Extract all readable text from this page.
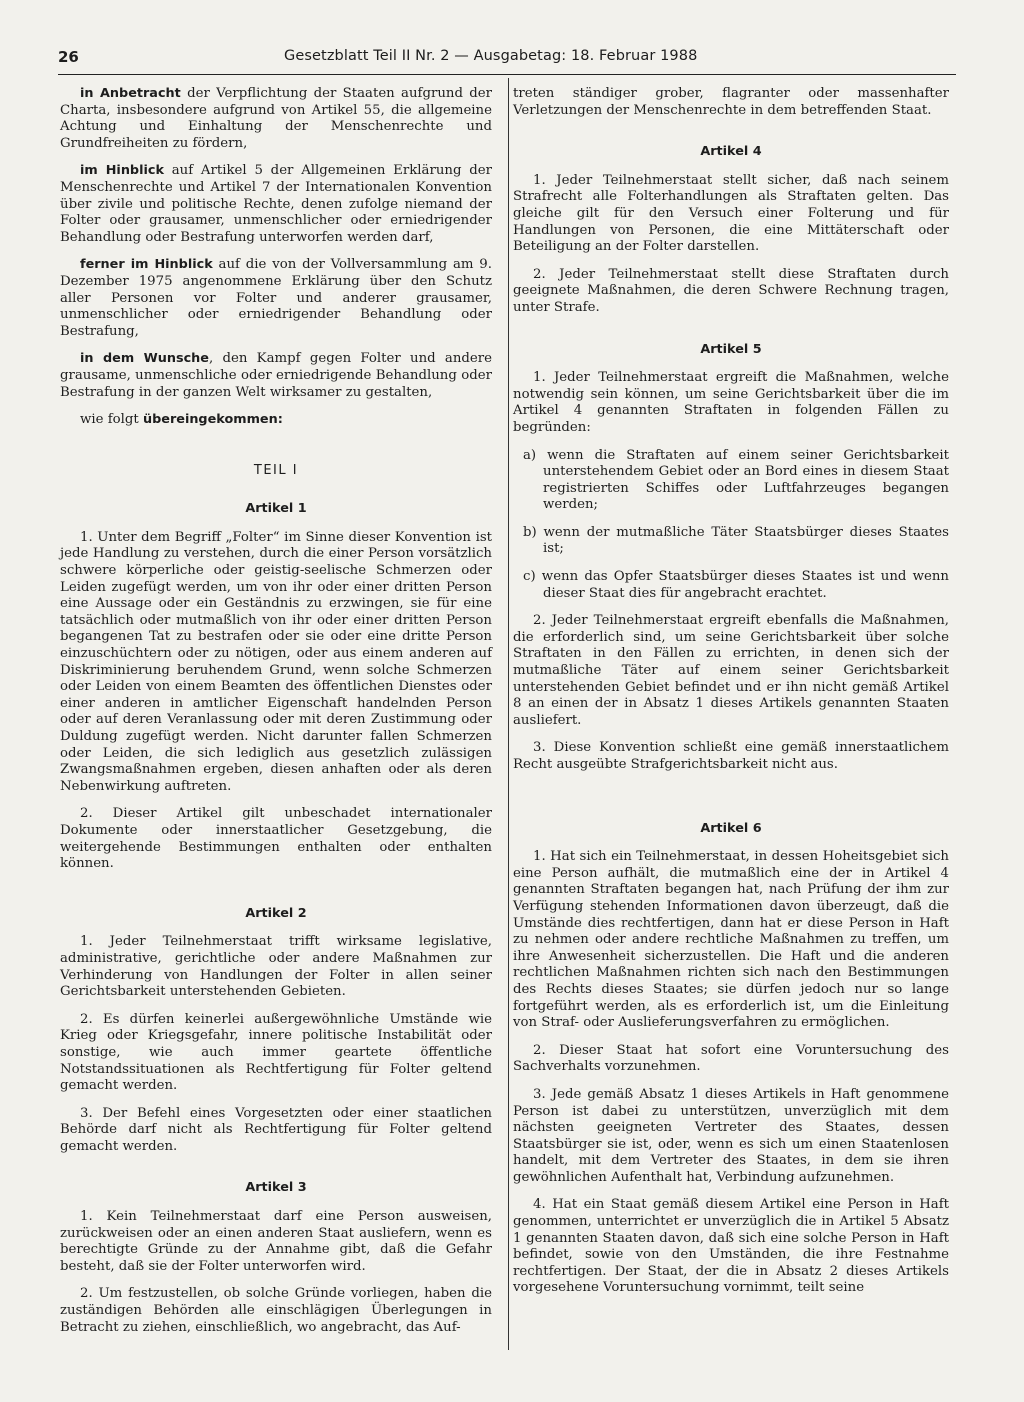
26	Gesetzblatt Teil II Nr. 2 — Ausgabetag: 18. Februar 1988

in Anbetracht der Verpflichtung der Staaten aufgrund der Charta, insbesondere aufgrund von Artikel 55, die allgemeine Achtung und Einhaltung der Menschenrechte und Grundfreiheiten zu fördern,

im Hinblick auf Artikel 5 der Allgemeinen Erklärung der Menschenrechte und Artikel 7 der Internationalen Konvention über zivile und politische Rechte, denen zufolge niemand der Folter oder grausamer, unmenschlicher oder erniedrigender Behandlung oder Bestrafung unterworfen werden darf,

ferner im Hinblick auf die von der Vollversammlung am 9. Dezember 1975 angenommene Erklärung über den Schutz aller Personen vor Folter und anderer grausamer, unmenschlicher oder erniedrigender Behandlung oder Bestrafung,

in dem Wunsche, den Kampf gegen Folter und andere grausame, unmenschliche oder erniedrigende Behandlung oder Bestrafung in der ganzen Welt wirksamer zu gestalten,

wie folgt übereingekommen:

TEIL I
Artikel 1

1. Unter dem Begriff „Folter“ im Sinne dieser Konvention ist jede Handlung zu verstehen, durch die einer Person vorsätzlich schwere körperliche oder geistig-seelische Schmerzen oder Leiden zugefügt werden, um von ihr oder einer dritten Person eine Aussage oder ein Geständnis zu erzwingen, sie für eine tatsächlich oder mutmaßlich von ihr oder einer dritten Person begangenen Tat zu bestrafen oder sie oder eine dritte Person einzuschüchtern oder zu nötigen, oder aus einem anderen auf Diskriminierung beruhendem Grund, wenn solche Schmerzen oder Leiden von einem Beamten des öffentlichen Dienstes oder einer anderen in amtlicher Eigenschaft handelnden Person oder auf deren Veranlassung oder mit deren Zustimmung oder Duldung zugefügt werden. Nicht darunter fallen Schmerzen oder Leiden, die sich lediglich aus gesetzlich zulässigen Zwangsmaßnahmen ergeben, diesen anhaften oder als deren Nebenwirkung auftreten.

2. Dieser Artikel gilt unbeschadet internationaler Dokumente oder innerstaatlicher Gesetzgebung, die weitergehende Bestimmungen enthalten oder enthalten können.

Artikel 2

1. Jeder Teilnehmerstaat trifft wirksame legislative, administrative, gerichtliche oder andere Maßnahmen zur Verhinderung von Handlungen der Folter in allen seiner Gerichtsbarkeit unterstehenden Gebieten.

2. Es dürfen keinerlei außergewöhnliche Umstände wie Krieg oder Kriegsgefahr, innere politische Instabilität oder sonstige, wie auch immer geartete öffentliche Notstandssituationen als Rechtfertigung für Folter geltend gemacht werden.

3. Der Befehl eines Vorgesetzten oder einer staatlichen Behörde darf nicht als Rechtfertigung für Folter geltend gemacht werden.

Artikel 3

1. Kein Teilnehmerstaat darf eine Person ausweisen, zurückweisen oder an einen anderen Staat ausliefern, wenn es berechtigte Gründe zu der Annahme gibt, daß die Gefahr besteht, daß sie der Folter unterworfen wird.

2. Um festzustellen, ob solche Gründe vorliegen, haben die zuständigen Behörden alle einschlägigen Überlegungen in Betracht zu ziehen, einschließlich, wo angebracht, das Auf-

treten ständiger grober, flagranter oder massenhafter Verletzungen der Menschenrechte in dem betreffenden Staat.

Artikel 4

1. Jeder Teilnehmerstaat stellt sicher, daß nach seinem Strafrecht alle Folterhandlungen als Straftaten gelten. Das gleiche gilt für den Versuch einer Folterung und für Handlungen von Personen, die eine Mittäterschaft oder Beteiligung an der Folter darstellen.

2. Jeder Teilnehmerstaat stellt diese Straftaten durch geeignete Maßnahmen, die deren Schwere Rechnung tragen, unter Strafe.

Artikel 5

1. Jeder Teilnehmerstaat ergreift die Maßnahmen, welche notwendig sein können, um seine Gerichtsbarkeit über die im Artikel 4 genannten Straftaten in folgenden Fällen zu begründen:

a) wenn die Straftaten auf einem seiner Gerichtsbarkeit unterstehendem Gebiet oder an Bord eines in diesem Staat registrierten Schiffes oder Luftfahrzeuges begangen werden;

b) wenn der mutmaßliche Täter Staatsbürger dieses Staates ist;

c) wenn das Opfer Staatsbürger dieses Staates ist und wenn dieser Staat dies für angebracht erachtet.

2. Jeder Teilnehmerstaat ergreift ebenfalls die Maßnahmen, die erforderlich sind, um seine Gerichtsbarkeit über solche Straftaten in den Fällen zu errichten, in denen sich der mutmaßliche Täter auf einem seiner Gerichtsbarkeit unterstehenden Gebiet befindet und er ihn nicht gemäß Artikel 8 an einen der in Absatz 1 dieses Artikels genannten Staaten ausliefert.

3. Diese Konvention schließt eine gemäß innerstaatlichem Recht ausgeübte Strafgerichtsbarkeit nicht aus.

Artikel 6

1. Hat sich ein Teilnehmerstaat, in dessen Hoheitsgebiet sich eine Person aufhält, die mutmaßlich eine der in Artikel 4 genannten Straftaten begangen hat, nach Prüfung der ihm zur Verfügung stehenden Informationen davon überzeugt, daß die Umstände dies rechtfertigen, dann hat er diese Person in Haft zu nehmen oder andere rechtliche Maßnahmen zu treffen, um ihre Anwesenheit sicherzustellen. Die Haft und die anderen rechtlichen Maßnahmen richten sich nach den Bestimmungen des Rechts dieses Staates; sie dürfen jedoch nur so lange fortgeführt werden, als es erforderlich ist, um die Einleitung von Straf- oder Auslieferungsverfahren zu ermöglichen.

2. Dieser Staat hat sofort eine Voruntersuchung des Sachverhalts vorzunehmen.

3. Jede gemäß Absatz 1 dieses Artikels in Haft genommene Person ist dabei zu unterstützen, unverzüglich mit dem nächsten geeigneten Vertreter des Staates, dessen Staatsbürger sie ist, oder, wenn es sich um einen Staatenlosen handelt, mit dem Vertreter des Staates, in dem sie ihren gewöhnlichen Aufenthalt hat, Verbindung aufzunehmen.

4. Hat ein Staat gemäß diesem Artikel eine Person in Haft genommen, unterrichtet er unverzüglich die in Artikel 5 Absatz 1 genannten Staaten davon, daß sich eine solche Person in Haft befindet, sowie von den Umständen, die ihre Festnahme rechtfertigen. Der Staat, der die in Absatz 2 dieses Artikels vorgesehene Voruntersuchung vornimmt, teilt seine
